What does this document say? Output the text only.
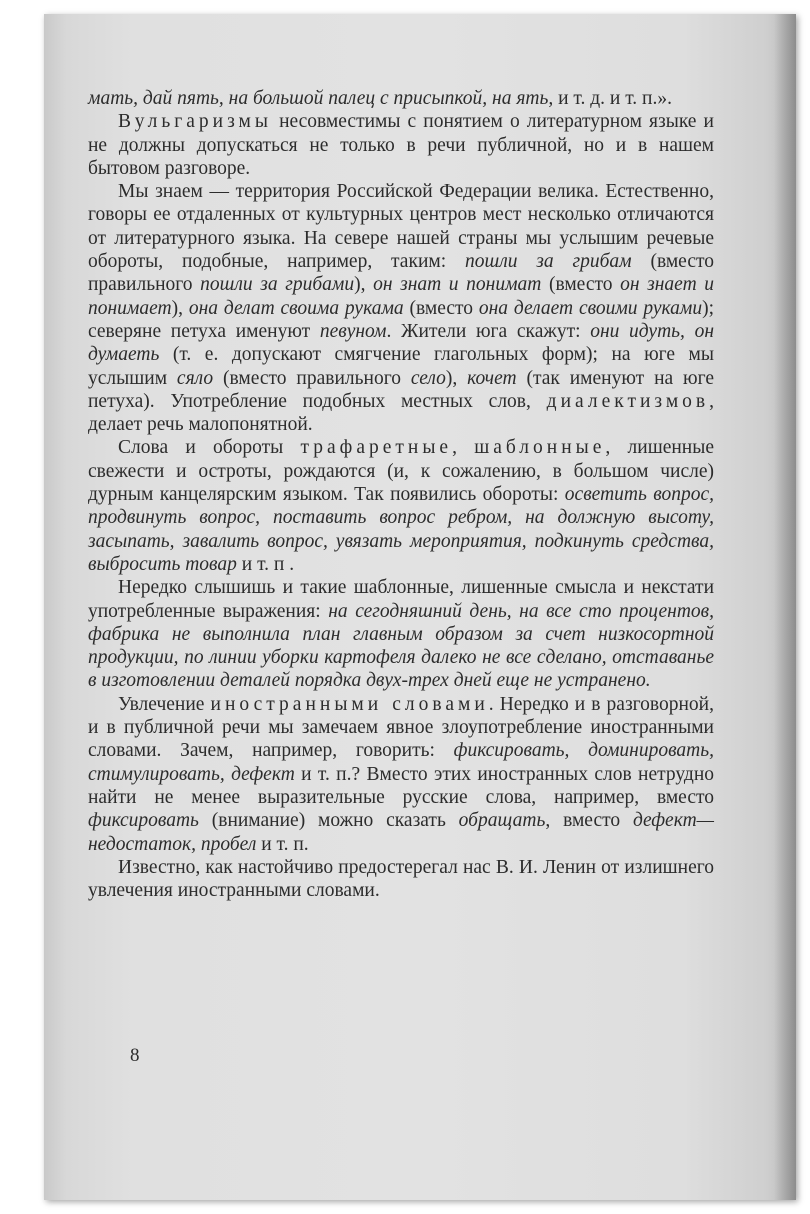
мать, дай пять, на большой палец с присыпкой, на ять, и т. д. и т. п.».

Вульгаризмы несовместимы с понятием о литературном языке и не должны допускаться не только в речи публичной, но и в нашем бытовом разговоре.

Мы знаем — территория Российской Федерации велика. Естественно, говоры ее отдаленных от культурных центров мест несколько отличаются от литературного языка. На севере нашей страны мы услышим речевые обороты, подобные, например, таким: пошли за грибам (вместо правильного пошли за грибами), он знат и понимат (вместо он знает и понимает), она делат своима рукама (вместо она делает своими руками); северяне петуха именуют певуном. Жители юга скажут: они идуть, он думаеть (т. е. допускают смягчение глагольных форм); на юге мы услышим сяло (вместо правильного село), кочет (так именуют на юге петуха). Употребление подобных местных слов, диалектизмов, делает речь малопонятной.

Слова и обороты трафаретные, шаблонные, лишенные свежести и остроты, рождаются (и, к сожалению, в большом числе) дурным канцелярским языком. Так появились обороты: осветить вопрос, продвинуть вопрос, поставить вопрос ребром, на должную высоту, засыпать, завалить вопрос, увязать мероприятия, подкинуть средства, выбросить товар и т. п .

Нередко слышишь и такие шаблонные, лишенные смысла и некстати употребленные выражения: на сегодняшний день, на все сто процентов, фабрика не выполнила план главным образом за счет низкосортной продукции, по линии уборки картофеля далеко не все сделано, отставанье в изготовлении деталей порядка двух-трех дней еще не устранено.

Увлечение иностранными словами. Нередко и в разговорной, и в публичной речи мы замечаем явное злоупотребление иностранными словами. Зачем, например, говорить: фиксировать, доминировать, стимулировать, дефект и т. п.? Вместо этих иностранных слов нетрудно найти не менее выразительные русские слова, например, вместо фиксировать (внимание) можно сказать обращать, вместо дефект—недостаток, пробел и т. п.

Известно, как настойчиво предостерегал нас В. И. Ленин от излишнего увлечения иностранными словами.

8
